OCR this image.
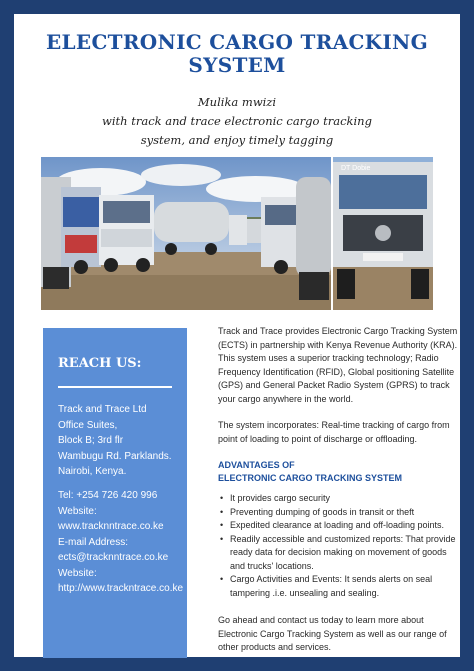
ELECTRONIC CARGO TRACKING
SYSTEM
Mulika mwizi
with track and trace electronic cargo tracking
system, and enjoy timely tagging
DT Dobie
REACH US:
Track and Trace Ltd
Office Suites,
Block B; 3rd flr
Wambugu Rd. Parklands.
Nairobi, Kenya.
Tel: +254 726 420 996
Website:
www.tracknntrace.co.ke
E-mail Address:
ects@tracknntrace.co.ke
Website:
http://www.trackntrace.co.ke

Track and Trace provides Electronic Cargo Tracking System (ECTS) in partnership with Kenya Revenue Authority (KRA). This system uses a superior tracking technology; Radio Frequency Identification (RFID), Global positioning Satellite (GPS) and General Packet Radio System (GPRS) to track your cargo anywhere in the world.

The system incorporates: Real-time tracking of cargo from point of loading to point of discharge or offloading.

ADVANTAGES OF
ELECTRONIC CARGO TRACKING SYSTEM
• It provides cargo security
• Preventing dumping of goods in transit or theft
• Expedited clearance at loading and off-loading points.
• Readily accessible and customized reports: That provide ready data for decision making on movement of goods and trucks' locations.
• Cargo Activities and Events: It sends alerts on seal tampering .i.e. unsealing and sealing.

Go ahead and contact us today to learn more about Electronic Cargo Tracking System as well as our range of other products and services.
